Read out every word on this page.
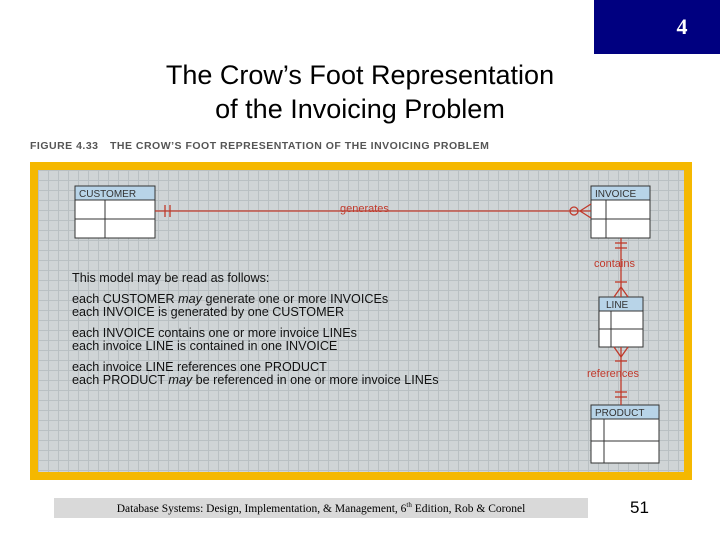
4
The Crow’s Foot Representation
of the Invoicing Problem
FIGURE 4.33 THE CROW’S FOOT REPRESENTATION OF THE INVOICING PROBLEM
CUSTOMER	INVOICE
LINE
PRODUCT
generates
contains
references
This model may be read as follows:
each CUSTOMER may generate one or more INVOICEs
each INVOICE is generated by one CUSTOMER
each INVOICE contains one or more invoice LINEs
each invoice LINE is contained in one INVOICE
each invoice LINE references one PRODUCT
each PRODUCT may be referenced in one or more invoice LINEs
Database Systems: Design, Implementation, & Management, 6th Edition, Rob & Coronel	51
